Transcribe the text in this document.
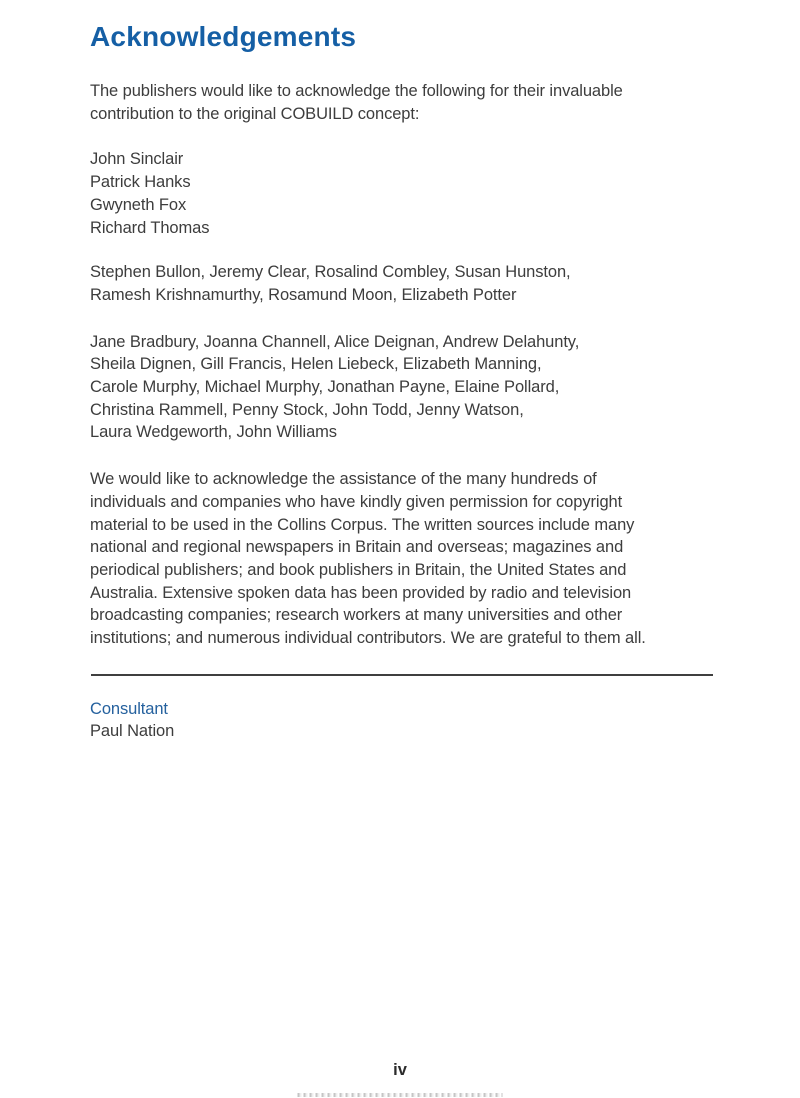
Acknowledgements
The publishers would like to acknowledge the following for their invaluable
contribution to the original COBUILD concept:
John Sinclair
Patrick Hanks
Gwyneth Fox
Richard Thomas
Stephen Bullon, Jeremy Clear, Rosalind Combley, Susan Hunston,
Ramesh Krishnamurthy, Rosamund Moon, Elizabeth Potter
Jane Bradbury, Joanna Channell, Alice Deignan, Andrew Delahunty,
Sheila Dignen, Gill Francis, Helen Liebeck, Elizabeth Manning,
Carole Murphy, Michael Murphy, Jonathan Payne, Elaine Pollard,
Christina Rammell, Penny Stock, John Todd, Jenny Watson,
Laura Wedgeworth, John Williams
We would like to acknowledge the assistance of the many hundreds of
individuals and companies who have kindly given permission for copyright
material to be used in the Collins Corpus. The written sources include many
national and regional newspapers in Britain and overseas; magazines and
periodical publishers; and book publishers in Britain, the United States and
Australia. Extensive spoken data has been provided by radio and television
broadcasting companies; research workers at many universities and other
institutions; and numerous individual contributors. We are grateful to them all.
Consultant
Paul Nation
iv
